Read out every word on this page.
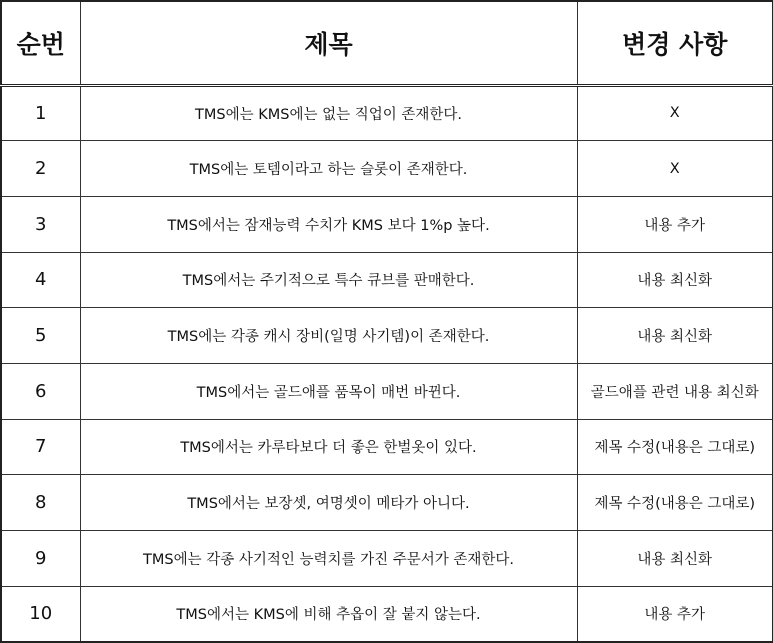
순번	제목	변경 사항
1	TMS에는 KMS에는 없는 직업이 존재한다.	X
2	TMS에는 토템이라고 하는 슬롯이 존재한다.	X
3	TMS에서는 잠재능력 수치가 KMS 보다 1%p 높다.	내용 추가
4	TMS에서는 주기적으로 특수 큐브를 판매한다.	내용 최신화
5	TMS에는 각종 캐시 장비(일명 사기템)이 존재한다.	내용 최신화
6	TMS에서는 골드애플 품목이 매번 바뀐다.	골드애플 관련 내용 최신화
7	TMS에서는 카루타보다 더 좋은 한벌옷이 있다.	제목 수정(내용은 그대로)
8	TMS에서는 보장셋, 여명셋이 메타가 아니다.	제목 수정(내용은 그대로)
9	TMS에는 각종 사기적인 능력치를 가진 주문서가 존재한다.	내용 최신화
10	TMS에서는 KMS에 비해 추옵이 잘 붙지 않는다.	내용 추가
